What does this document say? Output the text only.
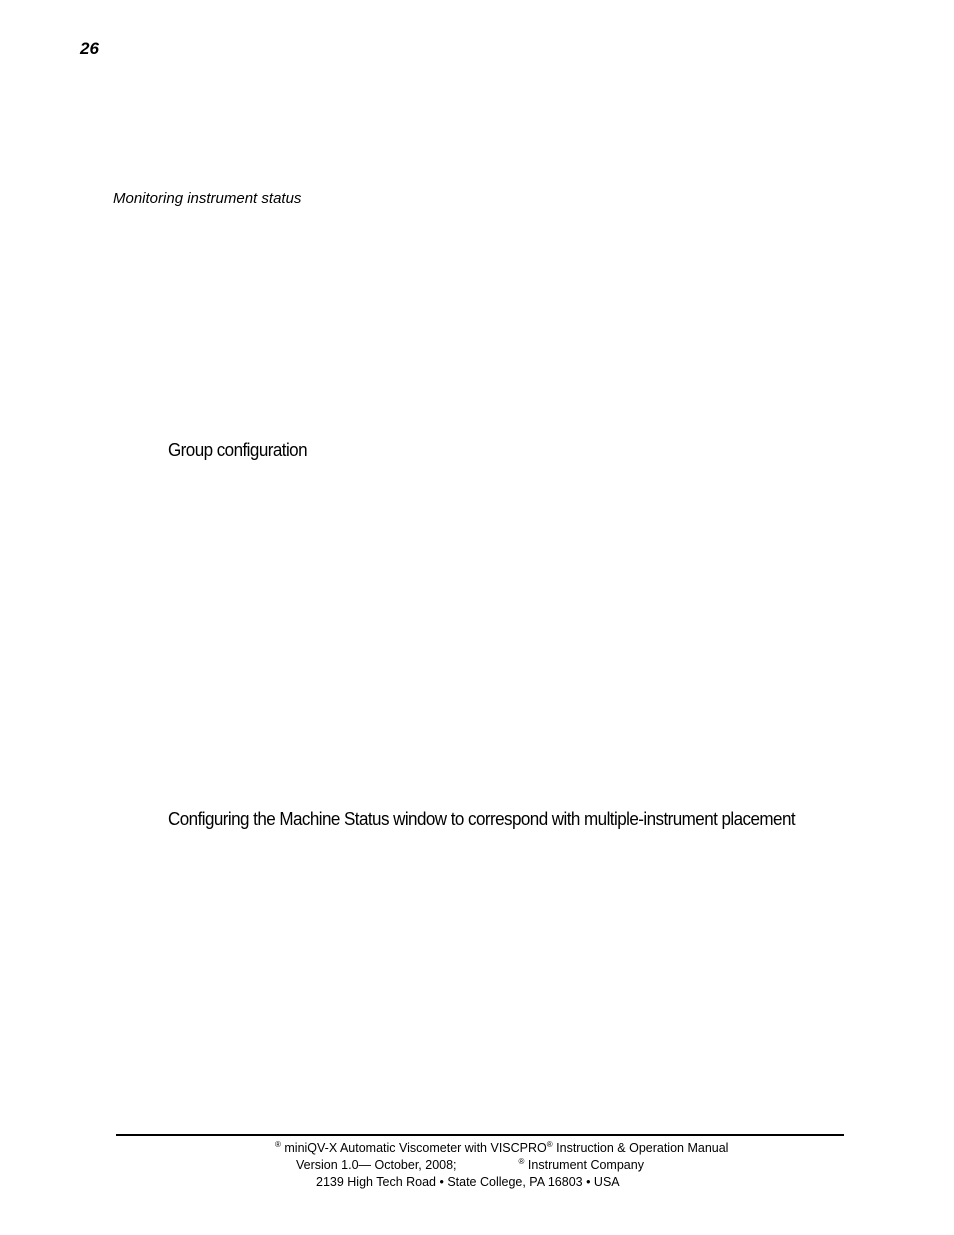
26
Monitoring instrument status
Group configuration
Configuring the Machine Status window to correspond with multiple-instrument placement
® miniQV-X Automatic Viscometer with VISCPRO® Instruction & Operation Manual
Version 1.0— October, 2008;	® Instrument Company
2139 High Tech Road • State College, PA 16803 • USA
